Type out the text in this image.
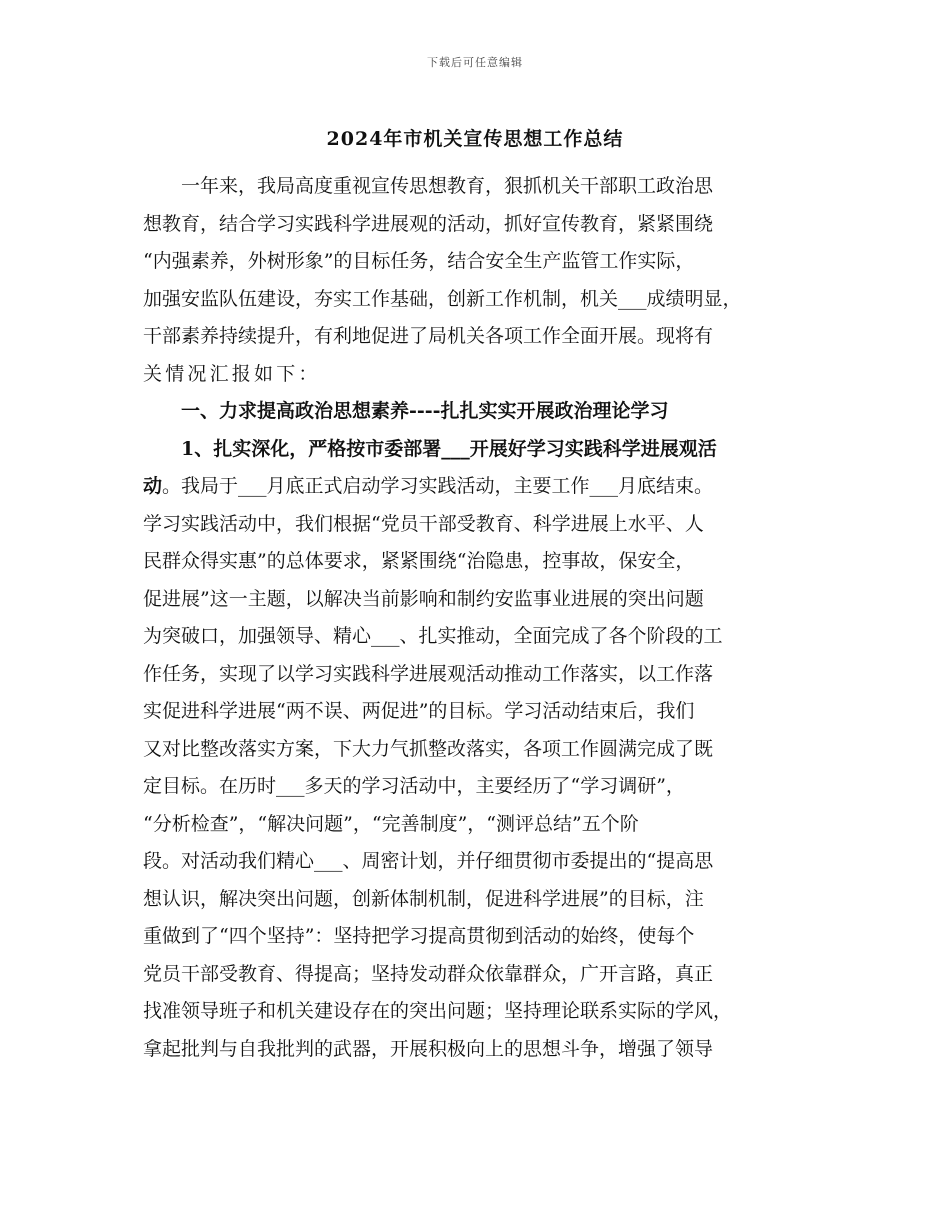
下载后可任意编辑
2024年市机关宣传思想工作总结
　　一年来，我局高度重视宣传思想教育，狠抓机关干部职工政治思
想教育，结合学习实践科学进展观的活动，抓好宣传教育，紧紧围绕
“内强素养，外树形象”的目标任务，结合安全生产监管工作实际，
加强安监队伍建设，夯实工作基础，创新工作机制，机关___成绩明显，
干部素养持续提升，有利地促进了局机关各项工作全面开展。现将有
关情况汇报如下：
　　一、力求提高政治思想素养----扎扎实实开展政治理论学习
　　1、扎实深化，严格按市委部署___开展好学习实践科学进展观活
动。我局于___月底正式启动学习实践活动，主要工作___月底结束。
学习实践活动中，我们根据“党员干部受教育、科学进展上水平、人
民群众得实惠”的总体要求，紧紧围绕“治隐患，控事故，保安全，
促进展”这一主题，以解决当前影响和制约安监事业进展的突出问题
为突破口，加强领导、精心___、扎实推动，全面完成了各个阶段的工
作任务，实现了以学习实践科学进展观活动推动工作落实，以工作落
实促进科学进展“两不误、两促进”的目标。学习活动结束后，我们
又对比整改落实方案，下大力气抓整改落实，各项工作圆满完成了既
定目标。在历时___多天的学习活动中，主要经历了“学习调研”，
“分析检查”，“解决问题”，“完善制度”，“测评总结”五个阶
段。对活动我们精心___、周密计划，并仔细贯彻市委提出的“提高思
想认识，解决突出问题，创新体制机制，促进科学进展”的目标，注
重做到了“四个坚持”：坚持把学习提高贯彻到活动的始终，使每个
党员干部受教育、得提高；坚持发动群众依靠群众，广开言路，真正
找准领导班子和机关建设存在的突出问题；坚持理论联系实际的学风，
拿起批判与自我批判的武器，开展积极向上的思想斗争，增强了领导
